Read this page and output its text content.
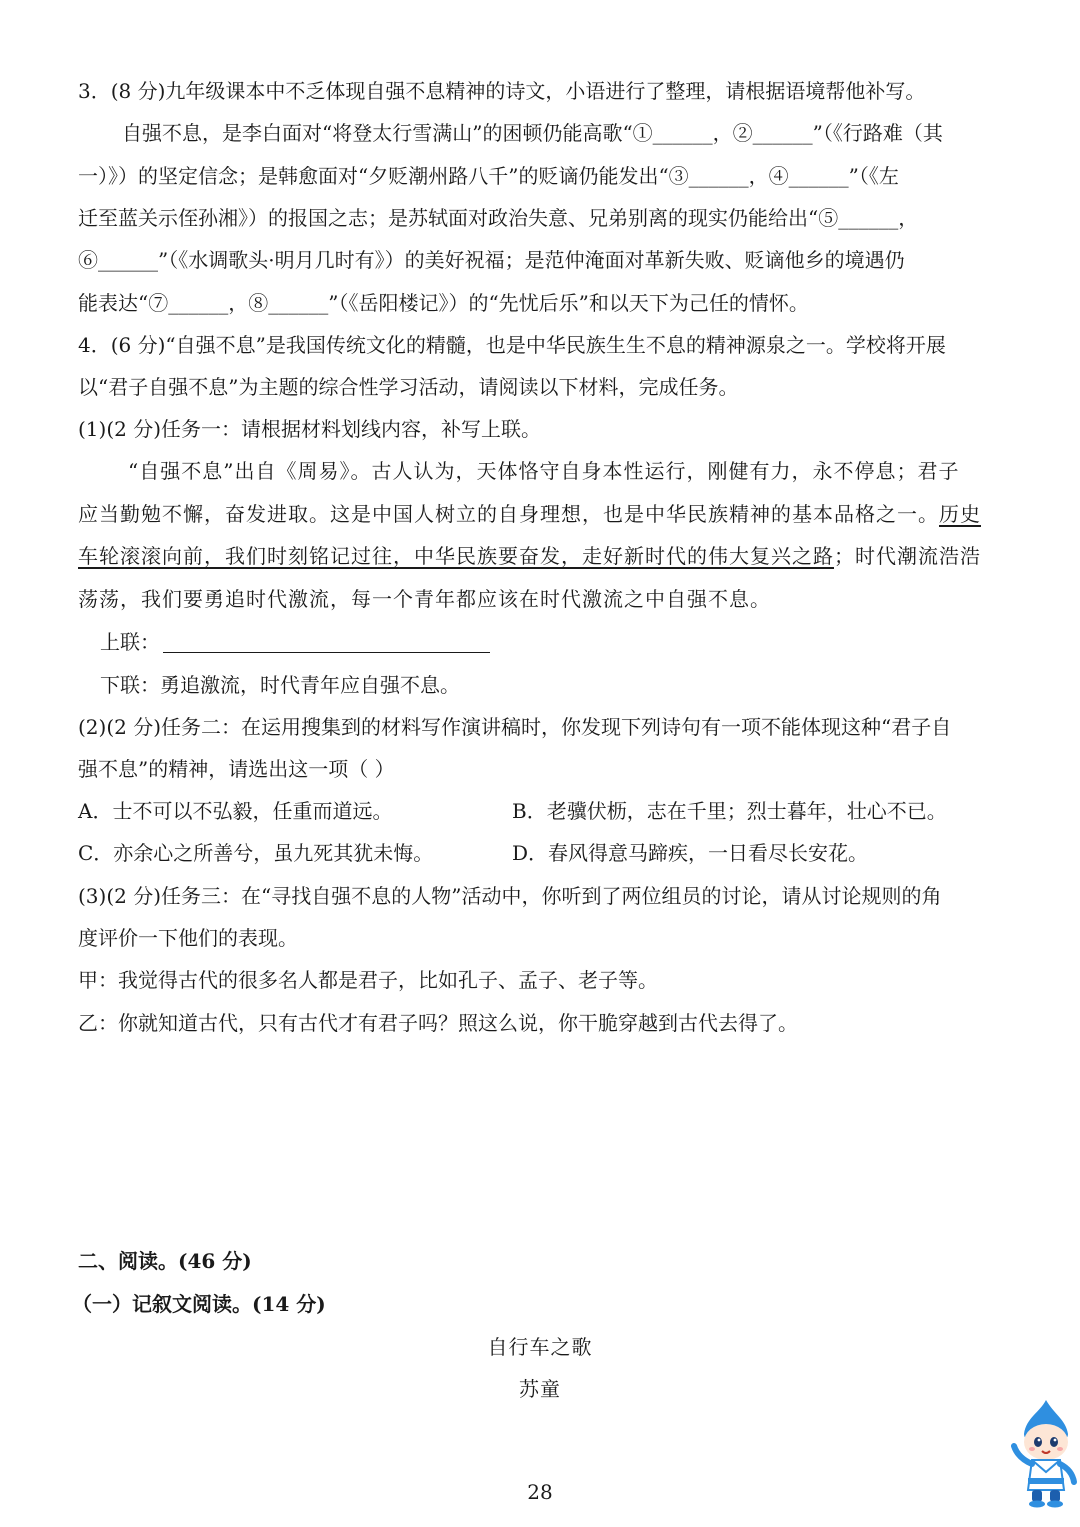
3．(8 分)九年级课本中不乏体现自强不息精神的诗文，小语进行了整理，请根据语境帮他补写。
自强不息，是李白面对“将登太行雪满山”的困顿仍能高歌“①______，②______”（《行路难（其
一）》）的坚定信念；是韩愈面对“夕贬潮州路八千”的贬谪仍能发出“③______，④______”（《左
迁至蓝关示侄孙湘》）的报国之志；是苏轼面对政治失意、兄弟别离的现实仍能给出“⑤______，
⑥______”（《水调歌头·明月几时有》）的美好祝福；是范仲淹面对革新失败、贬谪他乡的境遇仍
能表达“⑦______，⑧______”（《岳阳楼记》）的“先忧后乐”和以天下为己任的情怀。
4．(6 分)“自强不息”是我国传统文化的精髓，也是中华民族生生不息的精神源泉之一。学校将开展
以“君子自强不息”为主题的综合性学习活动，请阅读以下材料，完成任务。
(1)(2 分)任务一：请根据材料划线内容，补写上联。
“自强不息”出自《周易》。古人认为，天体恪守自身本性运行，刚健有力，永不停息；君子
应当勤勉不懈，奋发进取。这是中国人树立的自身理想，也是中华民族精神的基本品格之一。历史
车轮滚滚向前，我们时刻铭记过往，中华民族要奋发，走好新时代的伟大复兴之路；时代潮流浩浩
荡荡，我们要勇追时代激流，每一个青年都应该在时代激流之中自强不息。
上联：
下联：勇追激流，时代青年应自强不息。
(2)(2 分)任务二：在运用搜集到的材料写作演讲稿时，你发现下列诗句有一项不能体现这种“君子自
强不息”的精神，请选出这一项（ ）
A．士不可以不弘毅，任重而道远。	B．老骥伏枥，志在千里；烈士暮年，壮心不已。
C．亦余心之所善兮，虽九死其犹未悔。	D．春风得意马蹄疾，一日看尽长安花。
(3)(2 分)任务三：在“寻找自强不息的人物”活动中，你听到了两位组员的讨论，请从讨论规则的角
度评价一下他们的表现。
甲：我觉得古代的很多名人都是君子，比如孔子、孟子、老子等。
乙：你就知道古代，只有古代才有君子吗？照这么说，你干脆穿越到古代去得了。
二、阅读。(46 分)
（一）记叙文阅读。(14 分)
自行车之歌
苏童
28
